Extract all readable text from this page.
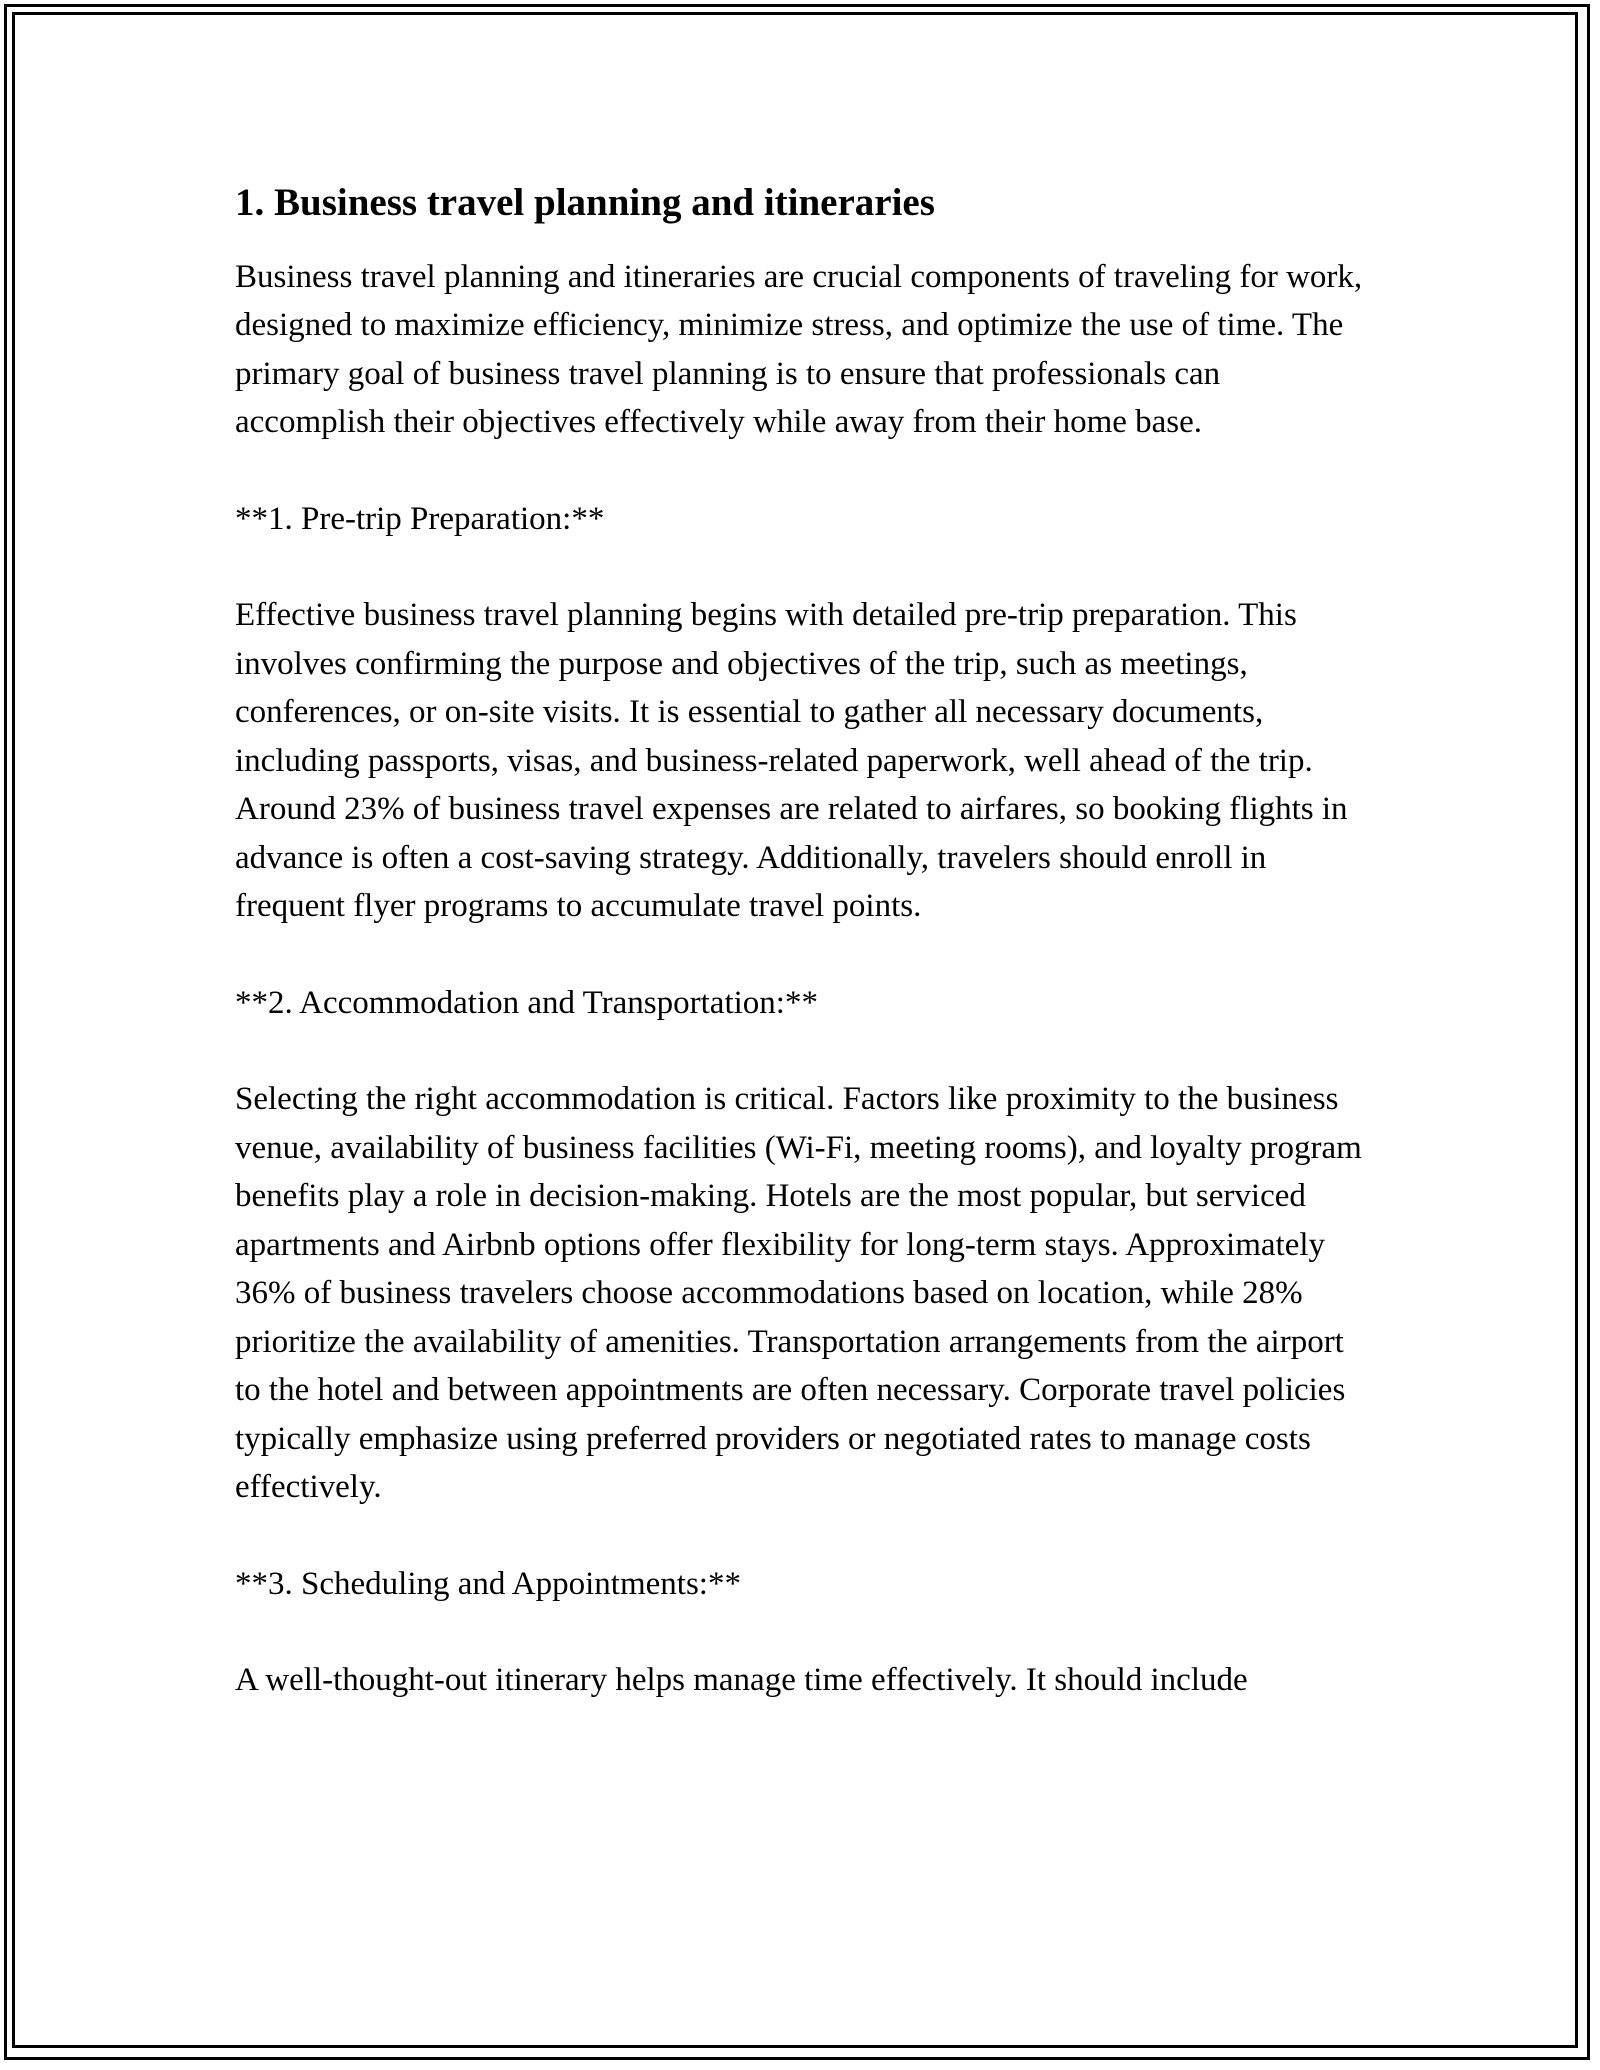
1. Business travel planning and itineraries

Business travel planning and itineraries are crucial components of traveling for work, designed to maximize efficiency, minimize stress, and optimize the use of time. The primary goal of business travel planning is to ensure that professionals can accomplish their objectives effectively while away from their home base.

**1. Pre-trip Preparation:**

Effective business travel planning begins with detailed pre-trip preparation. This involves confirming the purpose and objectives of the trip, such as meetings, conferences, or on-site visits. It is essential to gather all necessary documents, including passports, visas, and business-related paperwork, well ahead of the trip. Around 23% of business travel expenses are related to airfares, so booking flights in advance is often a cost-saving strategy. Additionally, travelers should enroll in frequent flyer programs to accumulate travel points.

**2. Accommodation and Transportation:**

Selecting the right accommodation is critical. Factors like proximity to the business venue, availability of business facilities (Wi-Fi, meeting rooms), and loyalty program benefits play a role in decision-making. Hotels are the most popular, but serviced apartments and Airbnb options offer flexibility for long-term stays. Approximately 36% of business travelers choose accommodations based on location, while 28% prioritize the availability of amenities. Transportation arrangements from the airport to the hotel and between appointments are often necessary. Corporate travel policies typically emphasize using preferred providers or negotiated rates to manage costs effectively.

**3. Scheduling and Appointments:**

A well-thought-out itinerary helps manage time effectively. It should include
